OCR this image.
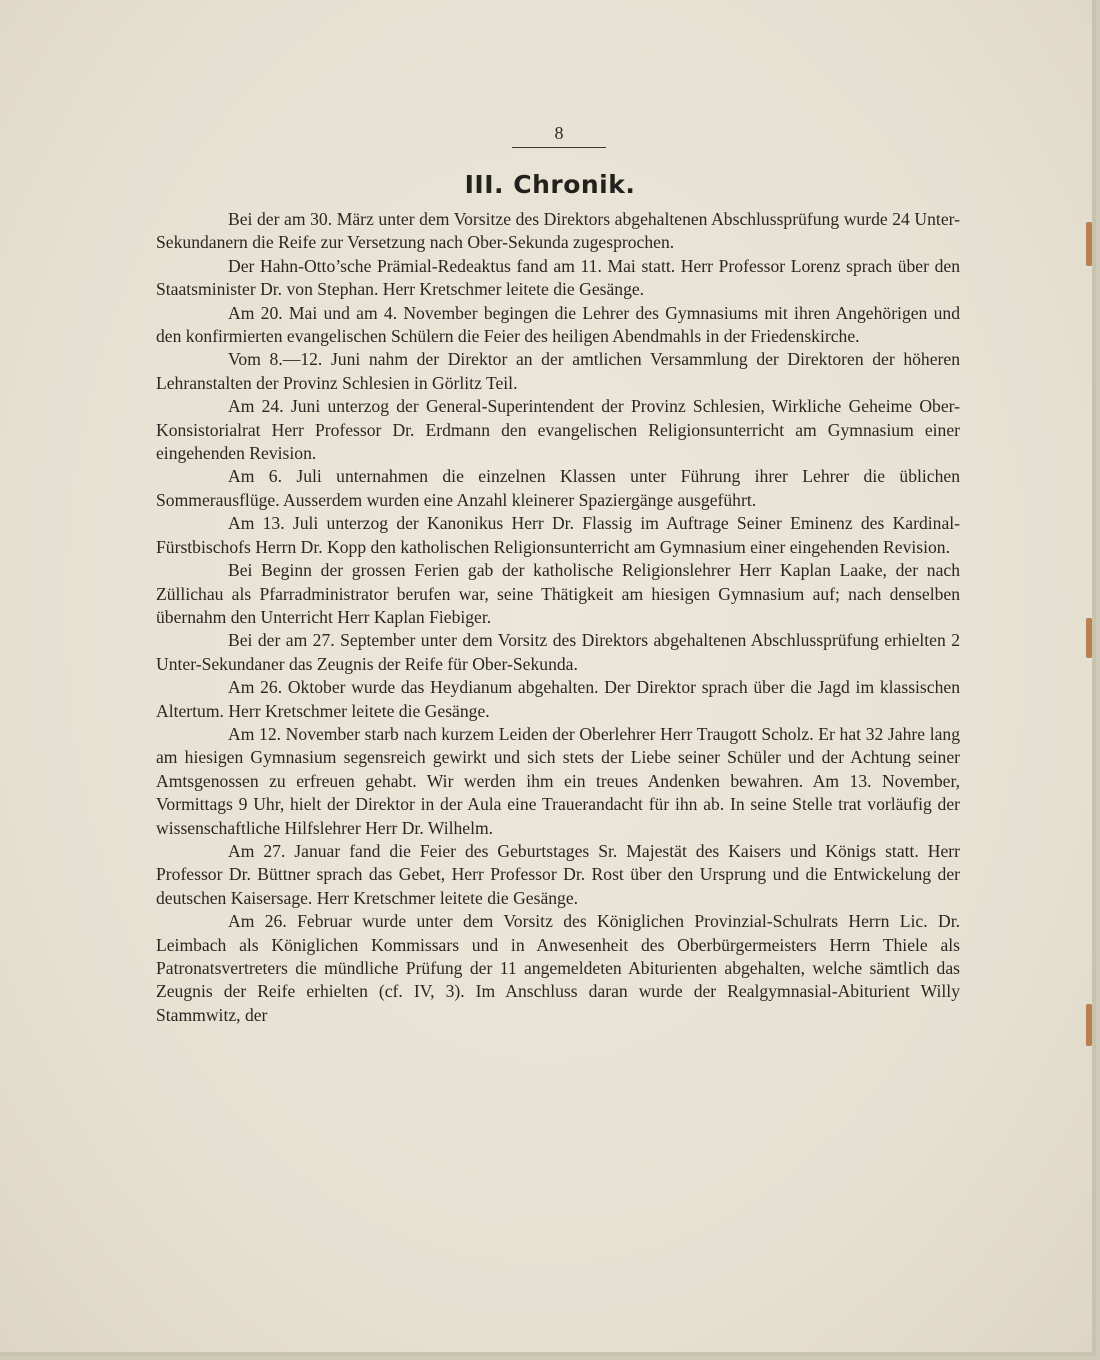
8
III. Chronik.

Bei der am 30. März unter dem Vorsitze des Direktors abgehaltenen Abschlussprüfung wurde 24 Unter-Sekundanern die Reife zur Versetzung nach Ober-Sekunda zugesprochen.

Der Hahn-Otto’sche Prämial-Redeaktus fand am 11. Mai statt. Herr Professor Lorenz sprach über den Staatsminister Dr. von Stephan. Herr Kretschmer leitete die Gesänge.

Am 20. Mai und am 4. November begingen die Lehrer des Gymnasiums mit ihren Angehörigen und den konfirmierten evangelischen Schülern die Feier des heiligen Abendmahls in der Friedenskirche.

Vom 8.—12. Juni nahm der Direktor an der amtlichen Versammlung der Direktoren der höheren Lehranstalten der Provinz Schlesien in Görlitz Teil.

Am 24. Juni unterzog der General-Superintendent der Provinz Schlesien, Wirkliche Geheime Ober-Konsistorialrat Herr Professor Dr. Erdmann den evangelischen Religionsunterricht am Gymnasium einer eingehenden Revision.

Am 6. Juli unternahmen die einzelnen Klassen unter Führung ihrer Lehrer die üblichen Sommerausflüge. Ausserdem wurden eine Anzahl kleinerer Spaziergänge ausgeführt.

Am 13. Juli unterzog der Kanonikus Herr Dr. Flassig im Auftrage Seiner Eminenz des Kardinal-Fürstbischofs Herrn Dr. Kopp den katholischen Religionsunterricht am Gymnasium einer eingehenden Revision.

Bei Beginn der grossen Ferien gab der katholische Religionslehrer Herr Kaplan Laake, der nach Züllichau als Pfarradministrator berufen war, seine Thätigkeit am hiesigen Gymnasium auf; nach denselben übernahm den Unterricht Herr Kaplan Fiebiger.

Bei der am 27. September unter dem Vorsitz des Direktors abgehaltenen Abschlussprüfung erhielten 2 Unter-Sekundaner das Zeugnis der Reife für Ober-Sekunda.

Am 26. Oktober wurde das Heydianum abgehalten. Der Direktor sprach über die Jagd im klassischen Altertum. Herr Kretschmer leitete die Gesänge.

Am 12. November starb nach kurzem Leiden der Oberlehrer Herr Traugott Scholz. Er hat 32 Jahre lang am hiesigen Gymnasium segensreich gewirkt und sich stets der Liebe seiner Schüler und der Achtung seiner Amtsgenossen zu erfreuen gehabt. Wir werden ihm ein treues Andenken bewahren. Am 13. November, Vormittags 9 Uhr, hielt der Direktor in der Aula eine Trauerandacht für ihn ab. In seine Stelle trat vorläufig der wissenschaftliche Hilfslehrer Herr Dr. Wilhelm.

Am 27. Januar fand die Feier des Geburtstages Sr. Majestät des Kaisers und Königs statt. Herr Professor Dr. Büttner sprach das Gebet, Herr Professor Dr. Rost über den Ursprung und die Entwickelung der deutschen Kaisersage. Herr Kretschmer leitete die Gesänge.

Am 26. Februar wurde unter dem Vorsitz des Königlichen Provinzial-Schulrats Herrn Lic. Dr. Leimbach als Königlichen Kommissars und in Anwesenheit des Oberbürgermeisters Herrn Thiele als Patronatsvertreters die mündliche Prüfung der 11 angemeldeten Abiturienten abgehalten, welche sämtlich das Zeugnis der Reife erhielten (cf. IV, 3). Im Anschluss daran wurde der Realgymnasial-Abiturient Willy Stammwitz, der
